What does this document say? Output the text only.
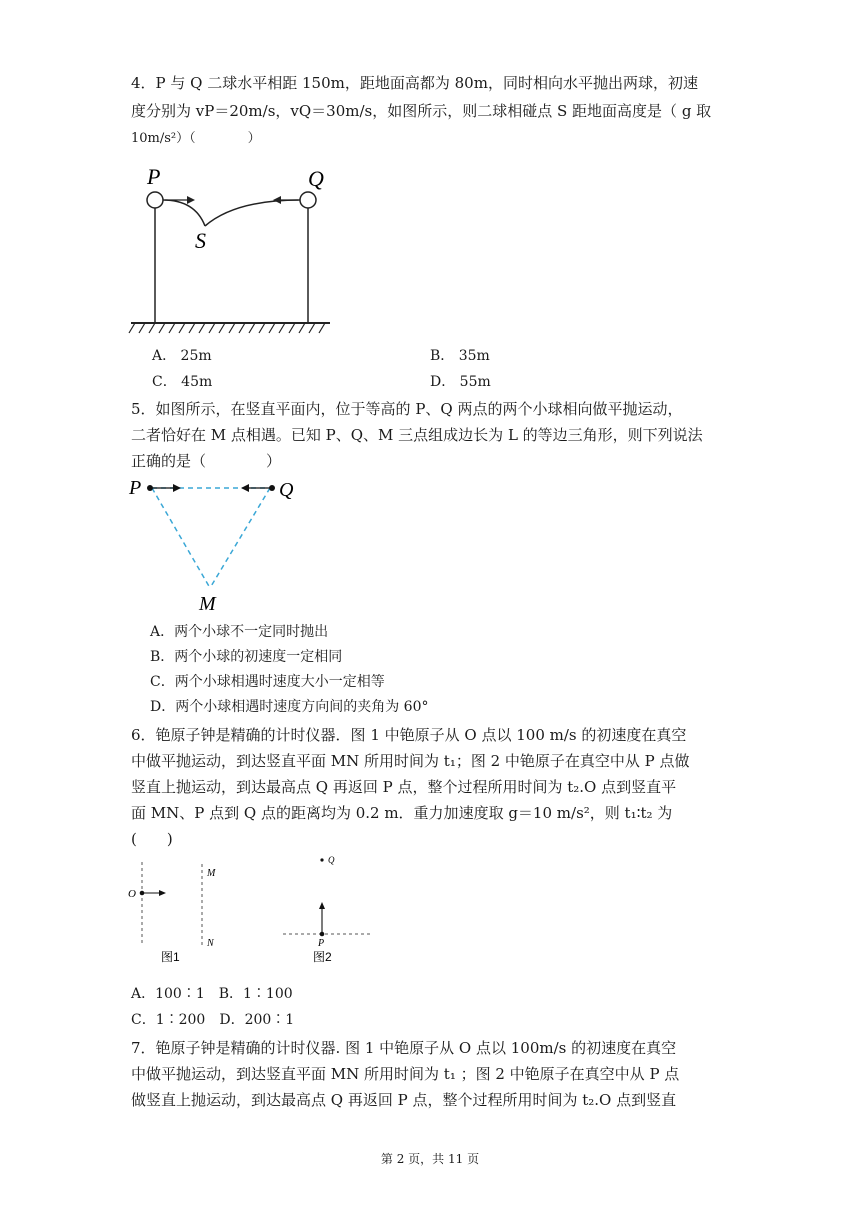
4．P 与 Q 二球水平相距 150m，距地面高都为 80m，同时相向水平抛出两球，初速
度分别为 vP＝20m/s，vQ＝30m/s，如图所示，则二球相碰点 S 距地面高度是（ g 取
10m/s²）（　　　　）
P	Q
S
A． 25m	B． 35m
C． 45m	D． 55m
5．如图所示，在竖直平面内，位于等高的 P、Q 两点的两个小球相向做平抛运动，
二者恰好在 M 点相遇。已知 P、Q、M 三点组成边长为 L 的等边三角形，则下列说法
正确的是（　　　　）
P	Q
M
A．两个小球不一定同时抛出
B．两个小球的初速度一定相同
C．两个小球相遇时速度大小一定相等
D．两个小球相遇时速度方向间的夹角为 60°
6．铯原子钟是精确的计时仪器．图 1 中铯原子从 O 点以 100 m/s 的初速度在真空
中做平抛运动，到达竖直平面 MN 所用时间为 t₁；图 2 中铯原子在真空中从 P 点做
竖直上抛运动，到达最高点 Q 再返回 P 点，整个过程所用时间为 t₂.O 点到竖直平
面 MN、P 点到 Q 点的距离均为 0.2 m．重力加速度取 g＝10 m/s²，则 t₁∶t₂ 为
(　　)
O
M
N
图1
Q
P
图2
A．100∶1　B．1∶100
C．1∶200　D．200∶1
7．铯原子钟是精确的计时仪器. 图 1 中铯原子从 O 点以 100m/s 的初速度在真空
中做平抛运动，到达竖直平面 MN 所用时间为 t₁ ；图 2 中铯原子在真空中从 P 点
做竖直上抛运动，到达最高点 Q 再返回 P 点，整个过程所用时间为 t₂.O 点到竖直
第 2 页，共 11 页
